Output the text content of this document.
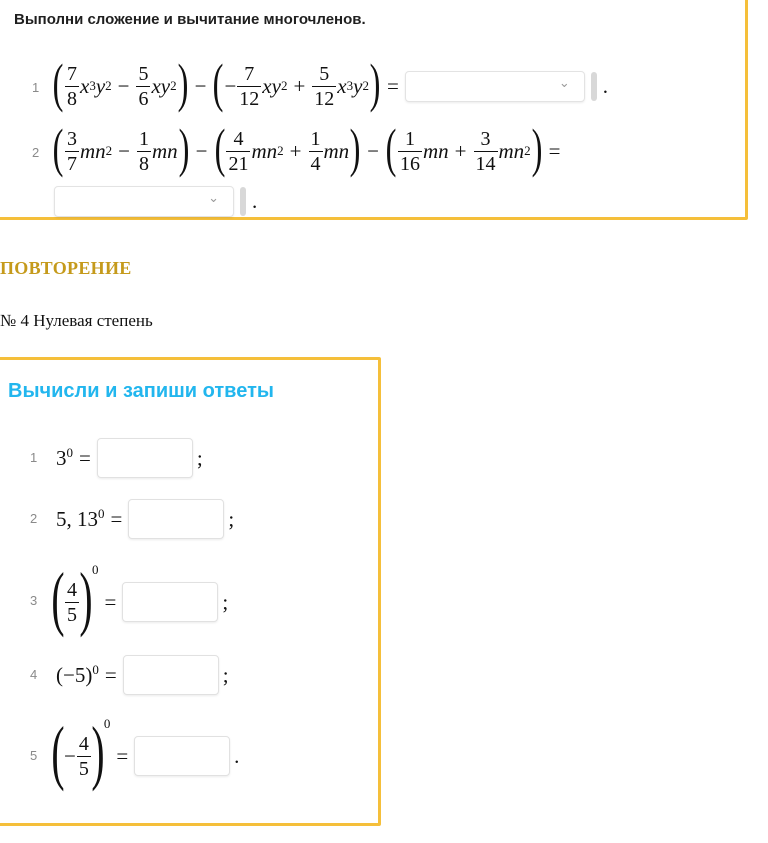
Выполни сложение и вычитание многочленов.
1 ( $\frac{7}{8}$ x 3 y $2 - \frac{5}{6}$ xy 2 ) − ( − $\frac{7}{12}$ xy $2 + \frac{5}{12}$ x 3 y 2 ) =	⌄ .
2 ( $\frac{3}{7}$ mn $2 - \frac{1}{8}$ mn ) − ( $\frac{4}{21}$ mn $2 + \frac{1}{4}$ mn ) − ( $\frac{1}{16}$ mn + $\frac{3}{14}$ mn 2 ) =
⌄ .
ПОВТОРЕНИЕ
№ 4 Нулевая степень
Вычисли и запиши ответы
1 $3^0$ =	;
2 5, $13^0$ =	;
3 ( $\frac{4}{5} )^0$
=	;
4 $(-5)^0$ =	;
5 ( − $\frac{4}{5} )^0$
=	.
